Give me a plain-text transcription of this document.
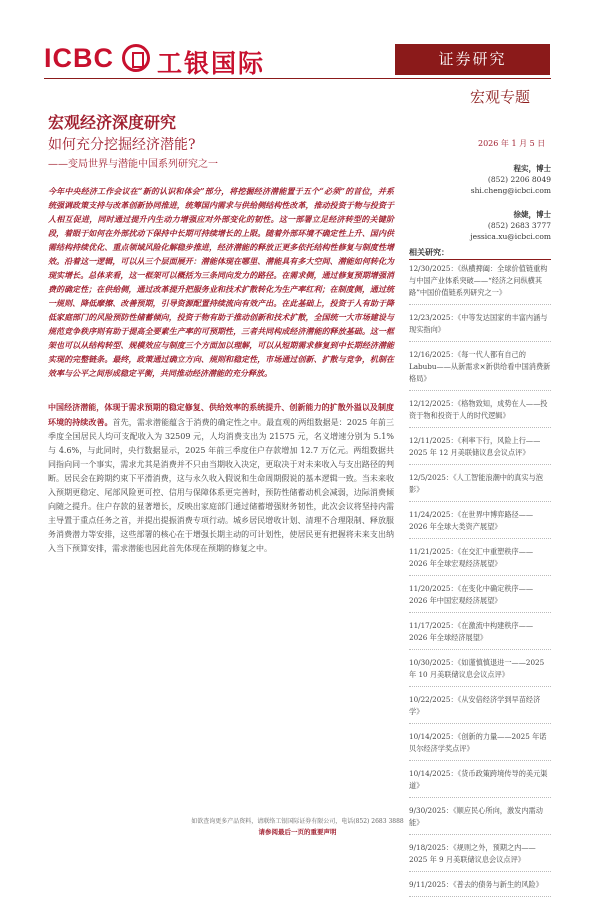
ICBC 工银国际	证券研究
宏观专题
宏观经济深度研究
如何充分挖掘经济潜能?
——变局世界与潜能中国系列研究之一
2026 年 1 月 5 日
程实，博士
(852) 2206 8049
shi.cheng@icbci.com
徐婕，博士
(852) 2683 3777
jessica.xu@icbci.com
今年中央经济工作会议在“新的认识和体会”部分，将挖掘经济潜能置于五个“必须”的首位，并系统强调政策支持与改革创新协同推进，统筹国内需求与供给侧结构性改革，推动投资于物与投资于人相互促进，同时通过提升内生动力增强应对外部变化的韧性。这一部署立足经济转型的关键阶段，着眼于如何在外部扰动下保持中长期可持续增长的上限。随着外部环境不确定性上升、国内供需结构持续优化、重点领域风险化解稳步推进，经济潜能的释放正更多依托结构性修复与制度性增效。沿着这一逻辑，可以从三个层面展开：潜能体现在哪里、潜能具有多大空间、潜能如何转化为现实增长。总体来看，这一框架可以概括为三条同向发力的路径。在需求侧，通过修复预期增强消费的确定性；在供给侧，通过改革提升把服务业和技术扩散转化为生产率红利；在制度侧，通过统一规则、降低摩擦、改善预期，引导资源配置持续流向有效产出。在此基础上，投资于人有助于降低家庭部门的风险预防性储蓄倾向，投资于物有助于推动创新和技术扩散，全国统一大市场建设与规范竞争秩序则有助于提高全要素生产率的可预期性，三者共同构成经济潜能的释放基础。这一框架也可以从结构转型、规模效应与制度三个方面加以理解，可以从短期需求修复到中长期经济潜能实现的完整链条。最终，政策通过确立方向、规则和稳定性，市场通过创新、扩散与竞争，机制在效率与公平之间形成稳定平衡，共同推动经济潜能的充分释放。
中国经济潜能，体现于需求预期的稳定修复、供给效率的系统提升、创新能力的扩散外溢以及制度环境的持续改善。首先，需求潜能蕴含于消费的确定性之中。最直观的两组数据是：2025 年前三季度全国居民人均可支配收入为 32509 元，人均消费支出为 21575 元，名义增速分别为 5.1%与 4.6%，与此同时，央行数据显示，2025 年前三季度住户存款增加 12.7 万亿元。两组数据共同指向同一个事实，需求尤其是消费并不只由当期收入决定，更取决于对未来收入与支出路径的判断。居民会在跨期约束下平滑消费，这与永久收入假说和生命周期假说的基本逻辑一致。当未来收入预期更稳定、尾部风险更可控、信用与保障体系更完善时，预防性储蓄动机会减弱，边际消费倾向随之提升。住户存款的显著增长，反映出家庭部门通过储蓄增强财务韧性，此次会议将坚持内需主导置于重点任务之首，并提出提振消费专项行动。城乡居民增收计划、清理不合理限制、释放服务消费潜力等安排，这些部署的核心在于增强长期主动的可计划性，使居民更有把握将未来支出纳入当下预算安排，需求潜能也因此首先体现在预期的修复之中。
相关研究：
12/30/2025：《纵横捭阖：全球价值链重构与中国产业体系突破——“经济之问纵横其路”中国价值链系列研究之一》
12/23/2025：《中等发达国家的丰富内涵与现实指向》
12/16/2025：《每一代人都有自己的Labubu——从新需求×新供给看中国消费新格局》
12/12/2025：《格物致知，成势在人——投资于物和投资于人的时代逻辑》
12/11/2025：《利率下行，风险上行——2025 年 12 月美联储议息会议点评》
12/5/2025：《人工智能浪潮中的真实与泡影》
11/24/2025：《在世界中博弈路径——2026 年全球大类资产展望》
11/21/2025：《在交汇中重塑秩序——2026 年全球宏观经济展望》
11/20/2025：《在变化中确定秩序——2026 年中国宏观经济展望》
11/17/2025：《在激流中构建秩序——2026 年全球经济展望》
10/30/2025：《如谨慎慎退进一——2025 年 10 月美联储议息会议点评》
10/22/2025：《从安倍经济学到早苗经济学》
10/14/2025：《创新的力量——2025 年诺贝尔经济学奖点评》
10/14/2025：《货币政策跨境传导的美元渠道》
9/30/2025：《顺应民心所向，激发内需动能》
9/18/2025：《规则之外，预期之内——2025 年 9 月美联储议息会议点评》
9/11/2025：《普去的债务与新生的风险》
如欲查询更多产品资料，请联络工银国际证券有限公司，电话(852) 2683 3888
请参阅最后一页的重要声明
